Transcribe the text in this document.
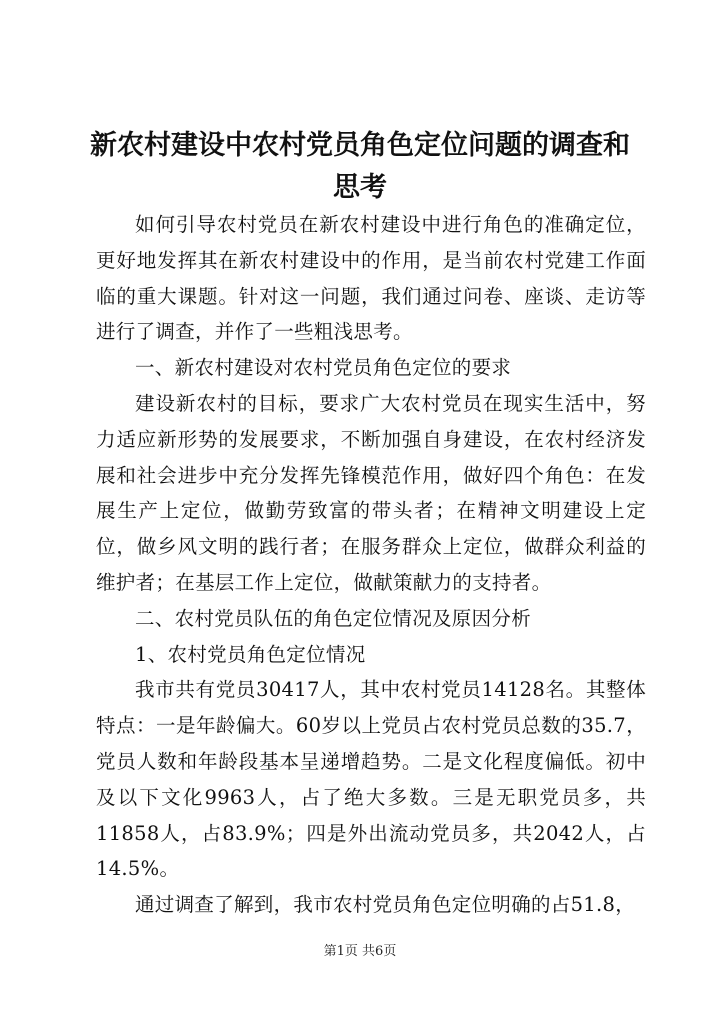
新农村建设中农村党员角色定位问题的调查和思考

如何引导农村党员在新农村建设中进行角色的准确定位，更好地发挥其在新农村建设中的作用，是当前农村党建工作面临的重大课题。针对这一问题，我们通过问卷、座谈、走访等进行了调查，并作了一些粗浅思考。

一、新农村建设对农村党员角色定位的要求

建设新农村的目标，要求广大农村党员在现实生活中，努力适应新形势的发展要求，不断加强自身建设，在农村经济发展和社会进步中充分发挥先锋模范作用，做好四个角色：在发展生产上定位，做勤劳致富的带头者；在精神文明建设上定位，做乡风文明的践行者；在服务群众上定位，做群众利益的维护者；在基层工作上定位，做献策献力的支持者。

二、农村党员队伍的角色定位情况及原因分析

1、农村党员角色定位情况

我市共有党员30417人，其中农村党员14128名。其整体特点：一是年龄偏大。60岁以上党员占农村党员总数的35.7，党员人数和年龄段基本呈递增趋势。二是文化程度偏低。初中及以下文化9963人，占了绝大多数。三是无职党员多，共11858人，占83.9%；四是外出流动党员多，共2042人，占14.5%。

通过调查了解到，我市农村党员角色定位明确的占51.8，

第1页 共6页
